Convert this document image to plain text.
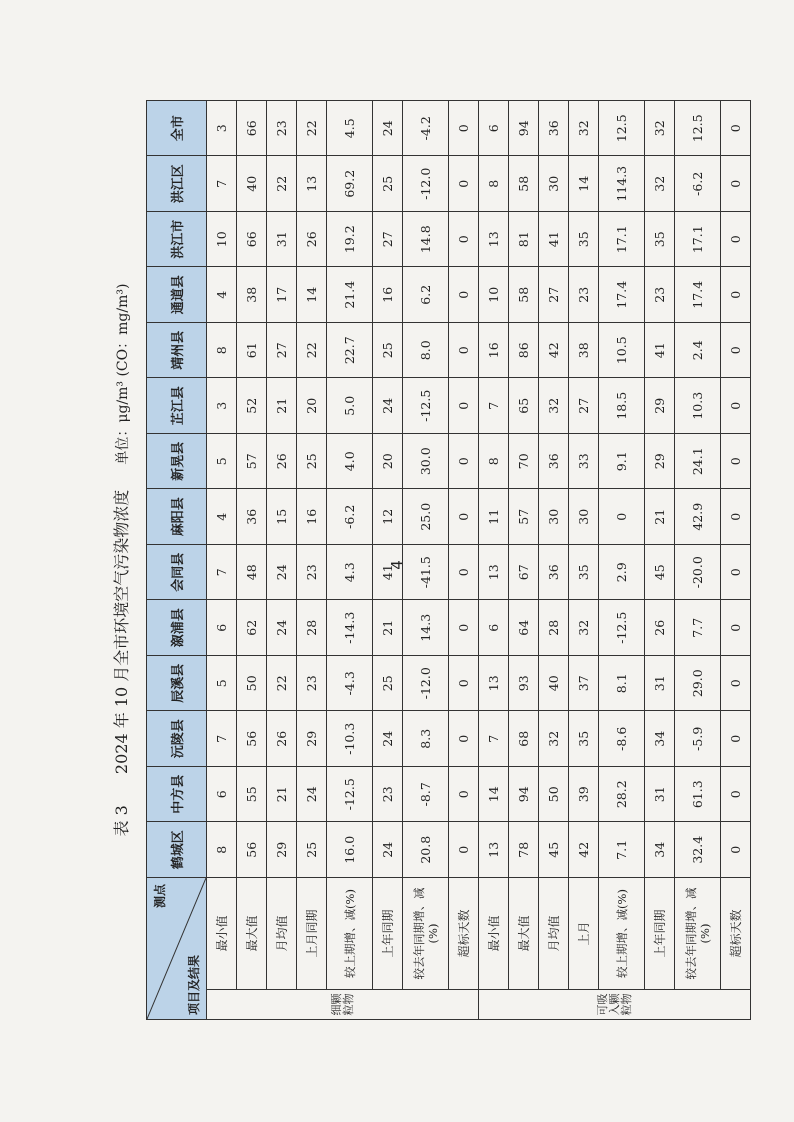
表 3 2024 年 10 月全市环境空气污染物浓度 单位：μg/m³ (CO：mg/m³)
测点
项目及结果		鹤城区	中方县	沅陵县	辰溪县	溆浦县	会同县	麻阳县	新晃县	芷江县	靖州县	通道县	洪江市	洪江区	全市
细颗粒物	最小值	8	6	7	5	6	7	4	5	3	8	4	10	7	3
	最大值	56	55	56	50	62	48	36	57	52	61	38	66	40	66
	月均值	29	21	26	22	24	24	15	26	21	27	17	31	22	23
	上月同期	25	24	29	23	28	23	16	25	20	22	14	26	13	22
	较上期增、减(%)	16.0	-12.5	-10.3	-4.3	-14.3	4.3	-6.2	4.0	5.0	22.7	21.4	19.2	69.2	4.5
	上年同期	24	23	24	25	21	41	12	20	24	25	16	27	25	24
	较去年同期增、减(%)	20.8	-8.7	8.3	-12.0	14.3	-41.5	25.0	30.0	-12.5	8.0	6.2	14.8	-12.0	-4.2
	超标天数	0	0	0	0	0	0	0	0	0	0	0	0	0	0
可吸入颗粒物	最小值	13	14	7	13	6	13	11	8	7	16	10	13	8	6
	最大值	78	94	68	93	64	67	57	70	65	86	58	81	58	94
	月均值	45	50	32	40	28	36	30	36	32	42	27	41	30	36
	上月	42	39	35	37	32	35	30	33	27	38	23	35	14	32
	较上期增、减(%)	7.1	28.2	-8.6	8.1	-12.5	2.9	0	9.1	18.5	10.5	17.4	17.1	114.3	12.5
	上年同期	34	31	34	31	26	45	21	29	29	41	23	35	32	32
	较去年同期增、减(%)	32.4	61.3	-5.9	29.0	7.7	-20.0	42.9	24.1	10.3	2.4	17.4	17.1	-6.2	12.5
	超标天数	0	0	0	0	0	0	0	0	0	0	0	0	0	0
4
